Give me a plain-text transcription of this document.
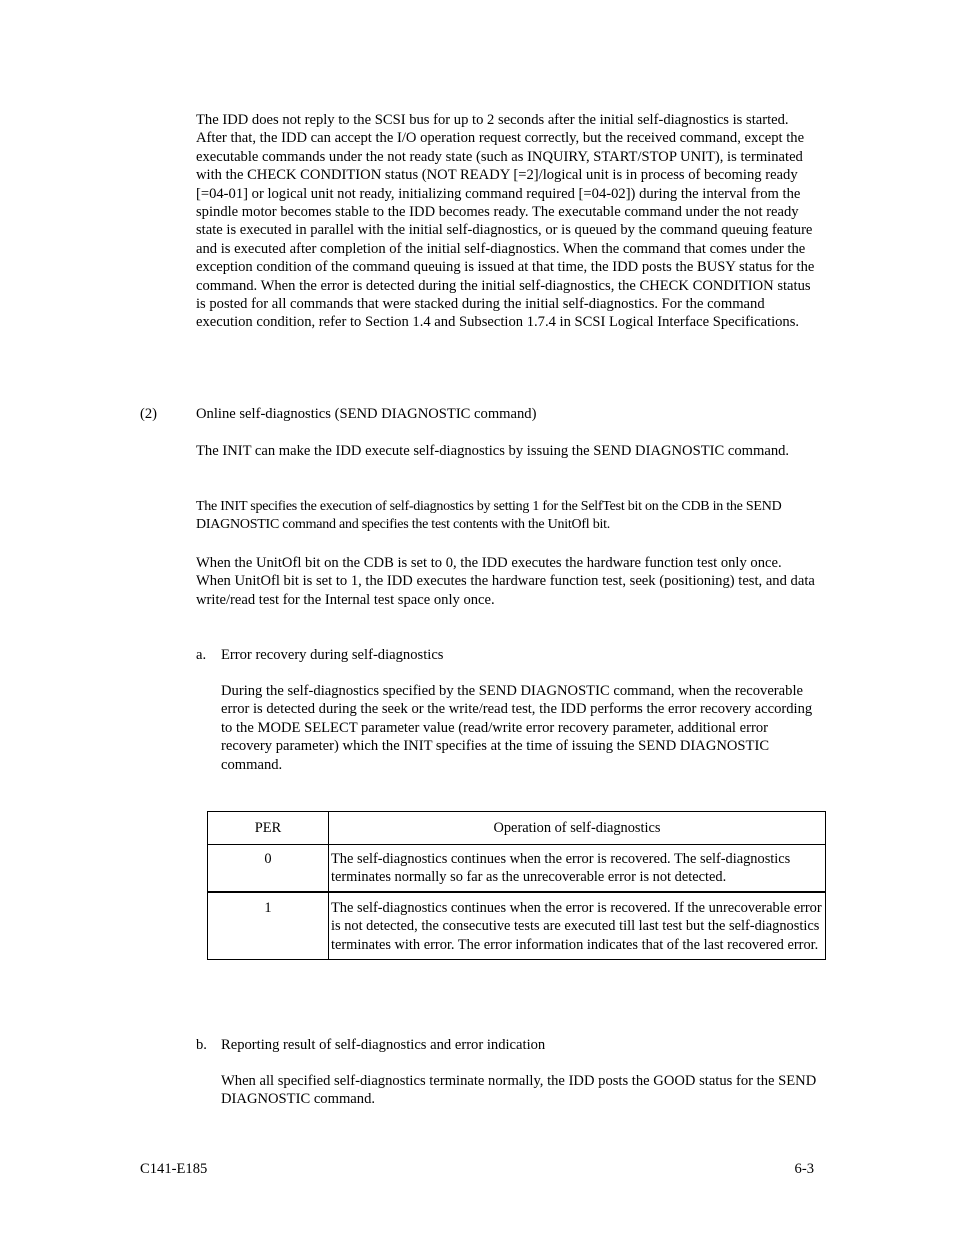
The IDD does not reply to the SCSI bus for up to 2 seconds after the initial self-diagnostics is started. After that, the IDD can accept the I/O operation request correctly, but the received command, except the executable commands under the not ready state (such as INQUIRY, START/STOP UNIT), is terminated with the CHECK CONDITION status (NOT READY [=2]/logical unit is in process of becoming ready [=04-01] or logical unit not ready, initializing command required [=04-02]) during the interval from the spindle motor becomes stable to the IDD becomes ready. The executable command under the not ready state is executed in parallel with the initial self-diagnostics, or is queued by the command queuing feature and is executed after completion of the initial self-diagnostics. When the command that comes under the exception condition of the command queuing is issued at that time, the IDD posts the BUSY status for the command. When the error is detected during the initial self-diagnostics, the CHECK CONDITION status is posted for all commands that were stacked during the initial self-diagnostics. For the command execution condition, refer to Section 1.4 and Subsection 1.7.4 in SCSI Logical Interface Specifications.

(2)	Online self-diagnostics (SEND DIAGNOSTIC command)

The INIT can make the IDD execute self-diagnostics by issuing the SEND DIAGNOSTIC command.

The INIT specifies the execution of self-diagnostics by setting 1 for the SelfTest bit on the CDB in the SEND DIAGNOSTIC command and specifies the test contents with the UnitOfl bit.

When the UnitOfl bit on the CDB is set to 0, the IDD executes the hardware function test only once. When UnitOfl bit is set to 1, the IDD executes the hardware function test, seek (positioning) test, and data write/read test for the Internal test space only once.

a. Error recovery during self-diagnostics

During the self-diagnostics specified by the SEND DIAGNOSTIC command, when the recoverable error is detected during the seek or the write/read test, the IDD performs the error recovery according to the MODE SELECT parameter value (read/write error recovery parameter, additional error recovery parameter) which the INIT specifies at the time of issuing the SEND DIAGNOSTIC command.

PER	Operation of self-diagnostics
0	The self-diagnostics continues when the error is recovered. The self-diagnostics terminates normally so far as the unrecoverable error is not detected.
1	The self-diagnostics continues when the error is recovered. If the unrecoverable error is not detected, the consecutive tests are executed till last test but the self-diagnostics terminates with error. The error information indicates that of the last recovered error.
b. Reporting result of self-diagnostics and error indication

When all specified self-diagnostics terminate normally, the IDD posts the GOOD status for the SEND DIAGNOSTIC command.

C141-E185	6-3
